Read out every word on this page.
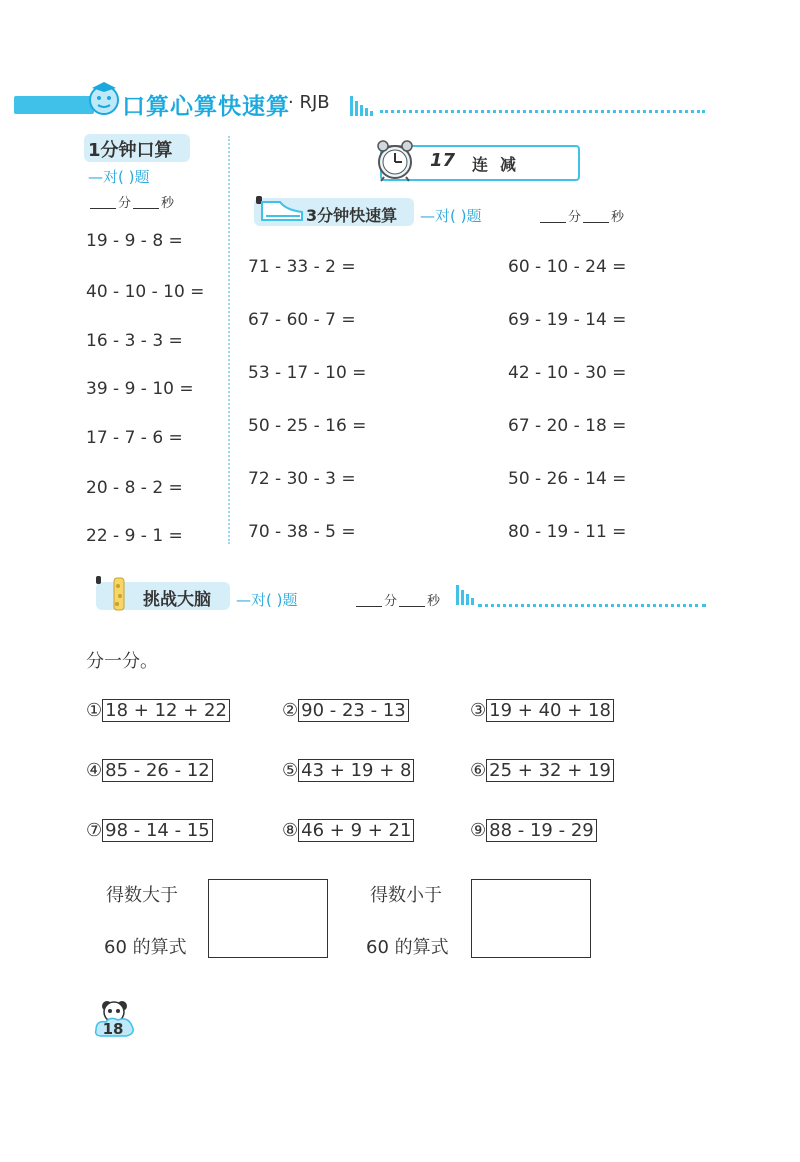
口算心算快速算
· RJB
1分钟口算
—对( )题
分 秒
19 - 9 - 8 =
40 - 10 - 10 =
16 - 3 - 3 =
39 - 9 - 10 =
17 - 7 - 6 =
20 - 8 - 2 =
22 - 9 - 1 =
17 连减
3分钟快速算 —对( )题	分 秒
71 - 33 - 2 =
67 - 60 - 7 =
53 - 17 - 10 =
50 - 25 - 16 =
72 - 30 - 3 =
70 - 38 - 5 =
60 - 10 - 24 =
69 - 19 - 14 =
42 - 10 - 30 =
67 - 20 - 18 =
50 - 26 - 14 =
80 - 19 - 11 =
挑战大脑 —对( )题	分 秒
分一分。
① 18 + 12 + 22	② 90 - 23 - 13	③ 19 + 40 + 18
④ 85 - 26 - 12	⑤ 43 + 19 + 8	⑥ 25 + 32 + 19
⑦ 98 - 14 - 15	⑧ 46 + 9 + 21	⑨ 88 - 19 - 29
得数大于
60 的算式
得数小于
60 的算式
18
